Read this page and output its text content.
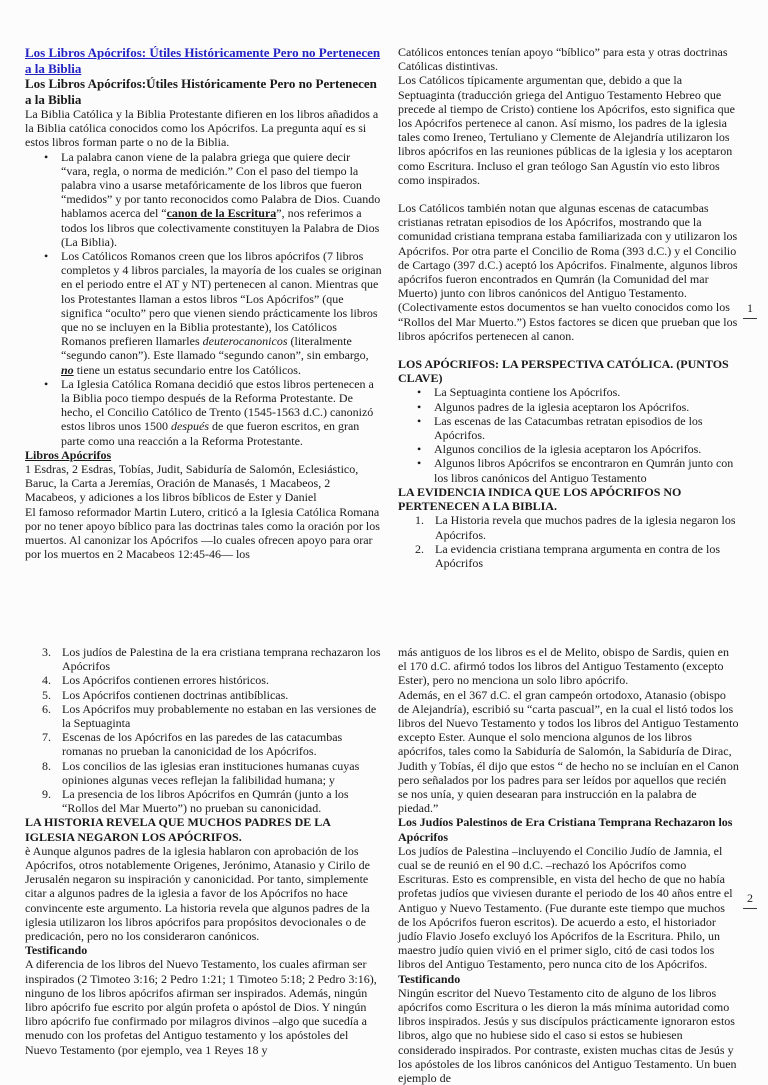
Los Libros Apócrifos: Útiles Históricamente Pero no Pertenecen a la Biblia
Los Libros Apócrifos:Útiles Históricamente Pero no Pertenecen a la Biblia

La Biblia Católica y la Biblia Protestante difieren en los libros añadidos a la Biblia católica conocidos como los Apócrifos. La pregunta aquí es si estos libros forman parte o no de la Biblia.

• La palabra canon viene de la palabra griega que quiere decir “vara, regla, o norma de medición.” Con el paso del tiempo la palabra vino a usarse metafóricamente de los libros que fueron “medidos” y por tanto reconocidos como Palabra de Dios. Cuando hablamos acerca del “canon de la Escritura”, nos referimos a todos los libros que colectivamente constituyen la Palabra de Dios (La Biblia).
• Los Católicos Romanos creen que los libros apócrifos (7 libros completos y 4 libros parciales, la mayoría de los cuales se originan en el periodo entre el AT y NT) pertenecen al canon. Mientras que los Protestantes llaman a estos libros “Los Apócrifos” (que significa “oculto” pero que vienen siendo prácticamente los libros que no se incluyen en la Biblia protestante), los Católicos Romanos prefieren llamarles deuterocanonicos (literalmente “segundo canon”). Este llamado “segundo canon”, sin embargo, no tiene un estatus secundario entre los Católicos.
• La Iglesia Católica Romana decidió que estos libros pertenecen a la Biblia poco tiempo después de la Reforma Protestante. De hecho, el Concilio Católico de Trento (1545-1563 d.C.) canonizó estos libros unos 1500 después de que fueron escritos, en gran parte como una reacción a la Reforma Protestante.
Libros Apócrifos

1 Esdras, 2 Esdras, Tobías, Judit, Sabiduría de Salomón, Eclesiástico, Baruc, la Carta a Jeremías, Oración de Manasés, 1 Macabeos, 2 Macabeos, y adiciones a los libros bíblicos de Ester y Daniel

El famoso reformador Martin Lutero, criticó a la Iglesia Católica Romana por no tener apoyo bíblico para las doctrinas tales como la oración por los muertos. Al canonizar los Apócrifos —lo cuales ofrecen apoyo para orar por los muertos en 2 Macabeos 12:45-46— los

Católicos entonces tenían apoyo “bíblico” para esta y otras doctrinas Católicas distintivas.

Los Católicos típicamente argumentan que, debido a que la Septuaginta (traducción griega del Antiguo Testamento Hebreo que precede al tiempo de Cristo) contiene los Apócrifos, esto significa que los Apócrifos pertenece al canon. Así mismo, los padres de la iglesia tales como Ireneo, Tertuliano y Clemente de Alejandría utilizaron los libros apócrifos en las reuniones públicas de la iglesia y los aceptaron como Escritura. Incluso el gran teólogo San Agustín vio esto libros como inspirados.

Los Católicos también notan que algunas escenas de catacumbas cristianas retratan episodios de los Apócrifos, mostrando que la comunidad cristiana temprana estaba familiarizada con y utilizaron los Apócrifos. Por otra parte el Concilio de Roma (393 d.C.) y el Concilio de Cartago (397 d.C.) aceptó los Apócrifos. Finalmente, algunos libros apócrifos fueron encontrados en Qumrán (la Comunidad del mar Muerto) junto con libros canónicos del Antiguo Testamento. (Colectivamente estos documentos se han vuelto conocidos como los “Rollos del Mar Muerto.”) Estos factores se dicen que prueban que los libros apócrifos pertenecen al canon.

LOS APÓCRIFOS: LA PERSPECTIVA CATÓLICA. (PUNTOS CLAVE)
• La Septuaginta contiene los Apócrifos.
• Algunos padres de la iglesia aceptaron los Apócrifos.
• Las escenas de las Catacumbas retratan episodios de los Apócrifos.
• Algunos concilios de la iglesia aceptaron los Apócrifos.
• Algunos libros Apócrifos se encontraron en Qumrán junto con los libros canónicos del Antiguo Testamento
LA EVIDENCIA INDICA QUE LOS APÓCRIFOS NO PERTENECEN A LA BIBLIA.
1. La Historia revela que muchos padres de la iglesia negaron los Apócrifos.
2. La evidencia cristiana temprana argumenta en contra de los Apócrifos
1
3. Los judíos de Palestina de la era cristiana temprana rechazaron los Apócrifos
4. Los Apócrifos contienen errores históricos.
5. Los Apócrifos contienen doctrinas antibíblicas.
6. Los Apócrifos muy probablemente no estaban en las versiones de la Septuaginta
7. Escenas de los Apócrifos en las paredes de las catacumbas romanas no prueban la canonicidad de los Apócrifos.
8. Los concilios de las iglesias eran instituciones humanas cuyas opiniones algunas veces reflejan la falibilidad humana; y
9. La presencia de los libros Apócrifos en Qumrán (junto a los “Rollos del Mar Muerto”) no prueban su canonicidad.
LA HISTORIA REVELA QUE MUCHOS PADRES DE LA IGLESIA NEGARON LOS APÓCRIFOS.

è Aunque algunos padres de la iglesia hablaron con aprobación de los Apócrifos, otros notablemente Origenes, Jerónimo, Atanasio y Cirilo de Jerusalén negaron su inspiración y canonicidad. Por tanto, simplemente citar a algunos padres de la iglesia a favor de los Apócrifos no hace convincente este argumento. La historia revela que algunos padres de la iglesia utilizaron los libros apócrifos para propósitos devocionales o de predicación, pero no los consideraron canónicos.

Testificando

A diferencia de los libros del Nuevo Testamento, los cuales afirman ser inspirados (2 Timoteo 3:16; 2 Pedro 1:21; 1 Timoteo 5:18; 2 Pedro 3:16), ninguno de los libros apócrifos afirman ser inspirados. Además, ningún libro apócrifo fue escrito por algún profeta o apóstol de Dios. Y ningún libro apócrifo fue confirmado por milagros divinos –algo que sucedía a menudo con los profetas del Antiguo testamento y los apóstoles del Nuevo Testamento (por ejemplo, vea 1 Reyes 18 y

más antiguos de los libros es el de Melito, obispo de Sardis, quien en el 170 d.C. afirmó todos los libros del Antiguo Testamento (excepto Ester), pero no menciona un solo libro apócrifo.

Además, en el 367 d.C. el gran campeón ortodoxo, Atanasio (obispo de Alejandría), escribió su “carta pascual”, en la cual el listó todos los libros del Nuevo Testamento y todos los libros del Antiguo Testamento excepto Ester. Aunque el solo menciona algunos de los libros apócrifos, tales como la Sabiduría de Salomón, la Sabiduría de Dirac, Judith y Tobías, él dijo que estos “ de hecho no se incluían en el Canon pero señalados por los padres para ser leídos por aquellos que recién se nos unía, y quien desearan para instrucción en la palabra de piedad.”

Los Judíos Palestinos de Era Cristiana Temprana Rechazaron los Apócrifos

Los judíos de Palestina –incluyendo el Concilio Judío de Jamnia, el cual se de reunió en el 90 d.C. –rechazó los Apócrifos como Escrituras. Esto es comprensible, en vista del hecho de que no había profetas judíos que viviesen durante el periodo de los 40 años entre el Antiguo y Nuevo Testamento. (Fue durante este tiempo que muchos de los Apócrifos fueron escritos). De acuerdo a esto, el historiador judío Flavio Josefo excluyó los Apócrifos de la Escritura. Philo, un maestro judío quien vivió en el primer siglo, citó de casi todos los libros del Antiguo Testamento, pero nunca cito de los Apócrifos.

Testificando

Ningún escritor del Nuevo Testamento cito de alguno de los libros apócrifos como Escritura o les dieron la más mínima autoridad como libros inspirados. Jesús y sus discípulos prácticamente ignoraron estos libros, algo que no hubiese sido el caso si estos se hubiesen considerado inspirados. Por contraste, existen muchas citas de Jesús y los apóstoles de los libros canónicos del Antiguo Testamento. Un buen ejemplo de

2
